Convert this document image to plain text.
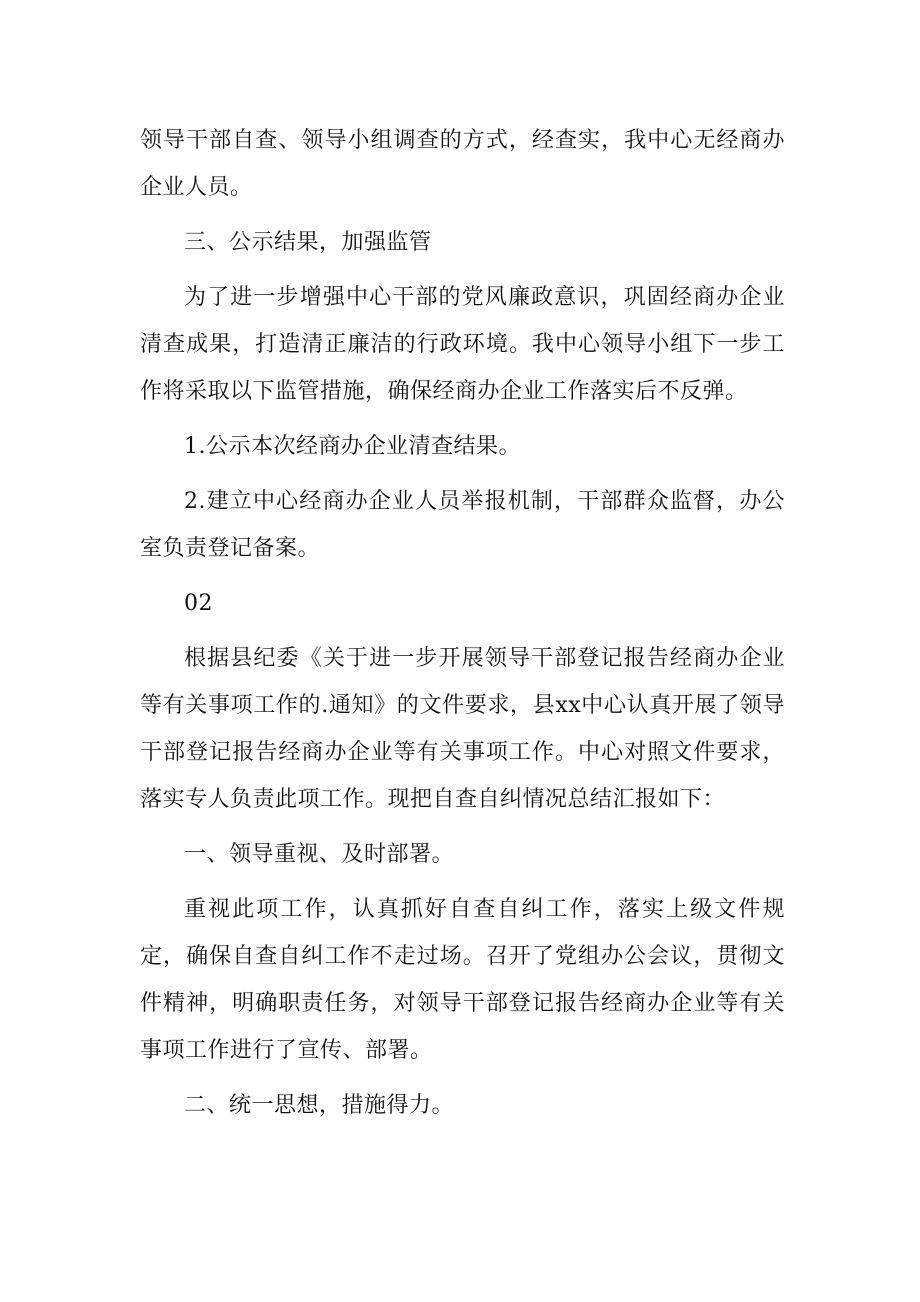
领导干部自查、领导小组调查的方式，经查实，我中心无经商办企业人员。

三、公示结果，加强监管

为了进一步增强中心干部的党风廉政意识，巩固经商办企业清查成果，打造清正廉洁的行政环境。我中心领导小组下一步工作将采取以下监管措施，确保经商办企业工作落实后不反弹。

1.公示本次经商办企业清查结果。

2.建立中心经商办企业人员举报机制，干部群众监督，办公室负责登记备案。

02

根据县纪委《关于进一步开展领导干部登记报告经商办企业等有关事项工作的.通知》的文件要求，县xx中心认真开展了领导干部登记报告经商办企业等有关事项工作。中心对照文件要求，落实专人负责此项工作。现把自查自纠情况总结汇报如下：

一、领导重视、及时部署。

重视此项工作，认真抓好自查自纠工作，落实上级文件规定，确保自查自纠工作不走过场。召开了党组办公会议，贯彻文件精神，明确职责任务，对领导干部登记报告经商办企业等有关事项工作进行了宣传、部署。

二、统一思想，措施得力。
